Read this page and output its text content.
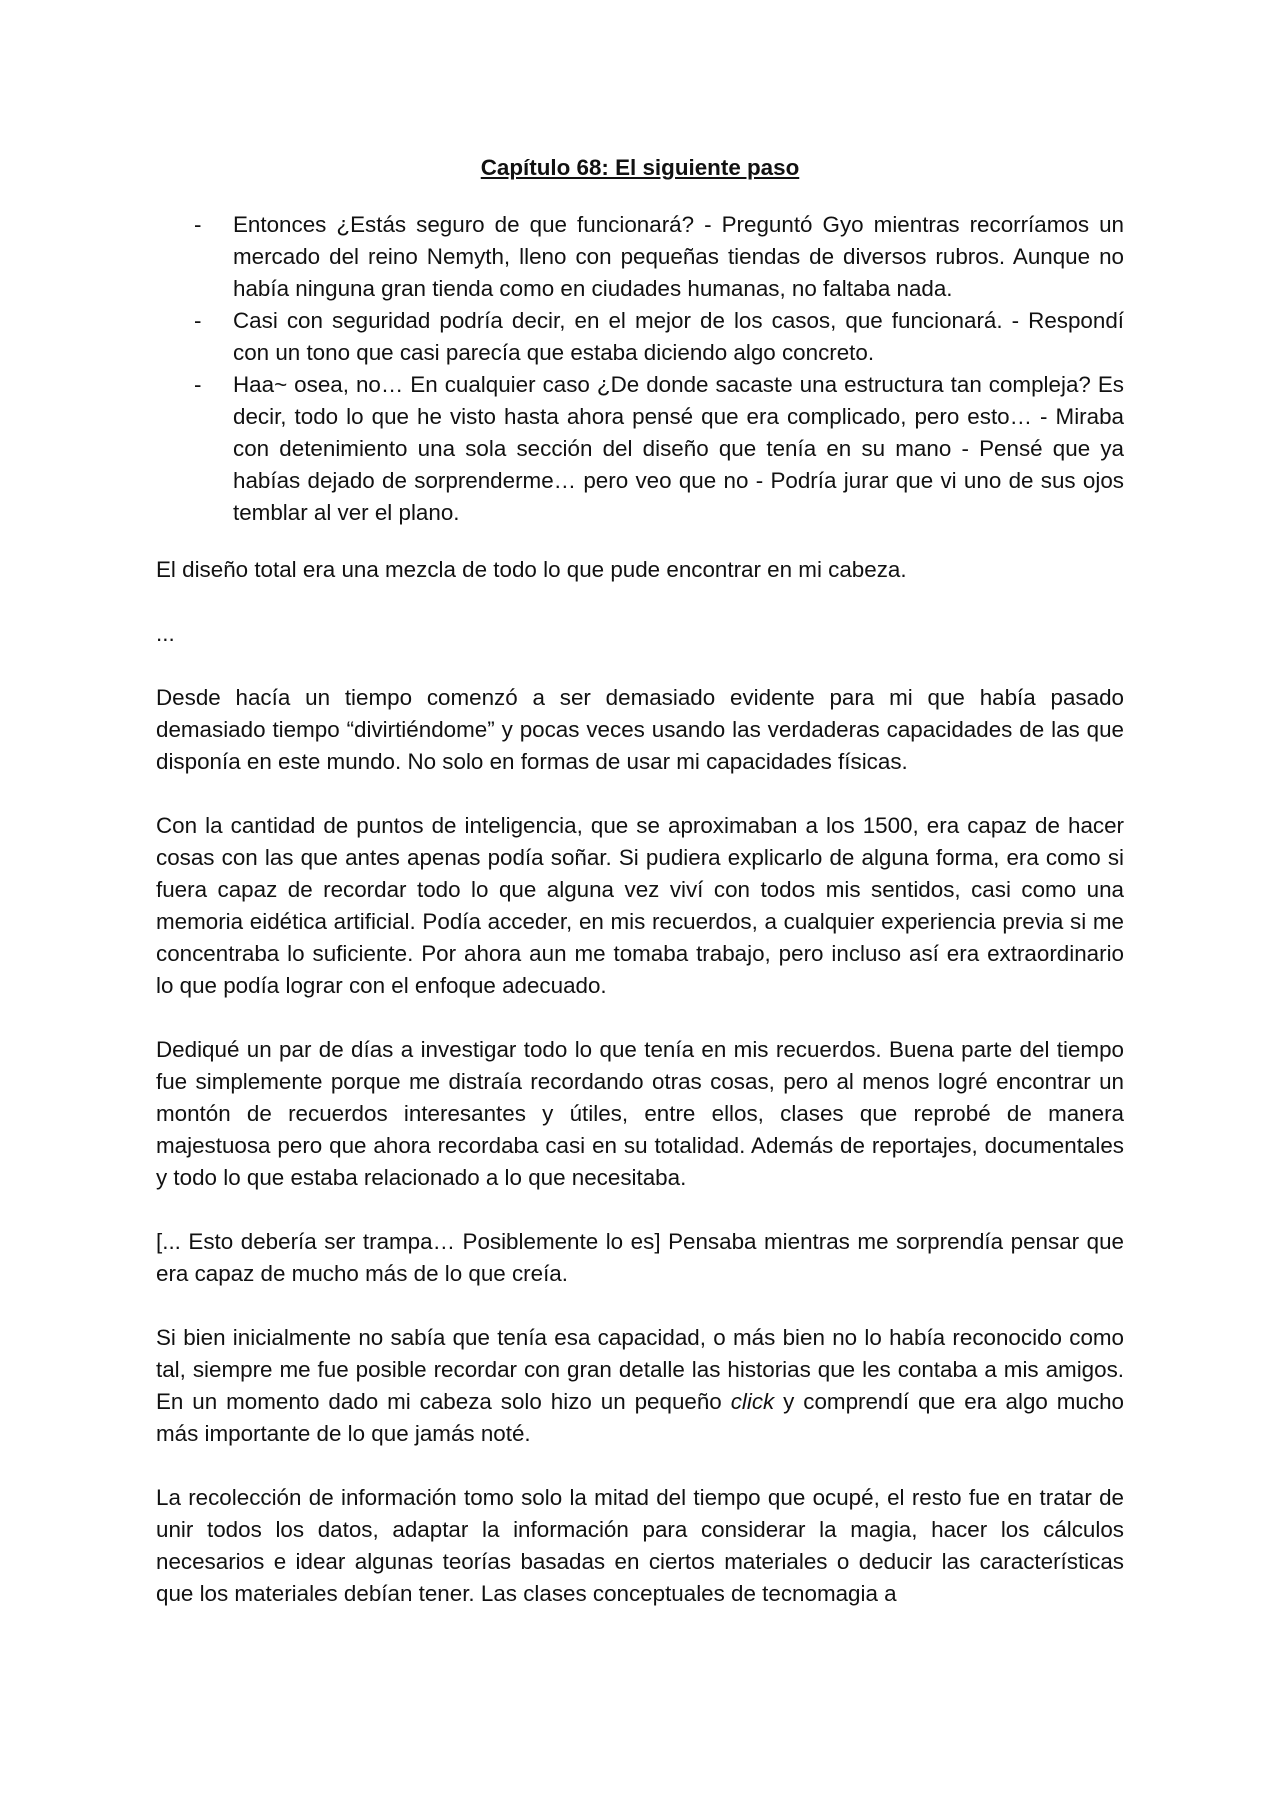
Capítulo 68: El siguiente paso
- Entonces ¿Estás seguro de que funcionará? - Preguntó Gyo mientras recorríamos un mercado del reino Nemyth, lleno con pequeñas tiendas de diversos rubros. Aunque no había ninguna gran tienda como en ciudades humanas, no faltaba nada.
- Casi con seguridad podría decir, en el mejor de los casos, que funcionará. - Respondí con un tono que casi parecía que estaba diciendo algo concreto.
- Haa~ osea, no… En cualquier caso ¿De donde sacaste una estructura tan compleja? Es decir, todo lo que he visto hasta ahora pensé que era complicado, pero esto… - Miraba con detenimiento una sola sección del diseño que tenía en su mano - Pensé que ya habías dejado de sorprenderme… pero veo que no - Podría jurar que vi uno de sus ojos temblar al ver el plano.

El diseño total era una mezcla de todo lo que pude encontrar en mi cabeza.

...

Desde hacía un tiempo comenzó a ser demasiado evidente para mi que había pasado demasiado tiempo “divirtiéndome” y pocas veces usando las verdaderas capacidades de las que disponía en este mundo. No solo en formas de usar mi capacidades físicas.

Con la cantidad de puntos de inteligencia, que se aproximaban a los 1500, era capaz de hacer cosas con las que antes apenas podía soñar. Si pudiera explicarlo de alguna forma, era como si fuera capaz de recordar todo lo que alguna vez viví con todos mis sentidos, casi como una memoria eidética artificial. Podía acceder, en mis recuerdos, a cualquier experiencia previa si me concentraba lo suficiente. Por ahora aun me tomaba trabajo, pero incluso así era extraordinario lo que podía lograr con el enfoque adecuado.

Dediqué un par de días a investigar todo lo que tenía en mis recuerdos. Buena parte del tiempo fue simplemente porque me distraía recordando otras cosas, pero al menos logré encontrar un montón de recuerdos interesantes y útiles, entre ellos, clases que reprobé de manera majestuosa pero que ahora recordaba casi en su totalidad. Además de reportajes, documentales y todo lo que estaba relacionado a lo que necesitaba.

[... Esto debería ser trampa… Posiblemente lo es] Pensaba mientras me sorprendía pensar que era capaz de mucho más de lo que creía.

Si bien inicialmente no sabía que tenía esa capacidad, o más bien no lo había reconocido como tal, siempre me fue posible recordar con gran detalle las historias que les contaba a mis amigos. En un momento dado mi cabeza solo hizo un pequeño click y comprendí que era algo mucho más importante de lo que jamás noté.

La recolección de información tomo solo la mitad del tiempo que ocupé, el resto fue en tratar de unir todos los datos, adaptar la información para considerar la magia, hacer los cálculos necesarios e idear algunas teorías basadas en ciertos materiales o deducir las características que los materiales debían tener. Las clases conceptuales de tecnomagia a
